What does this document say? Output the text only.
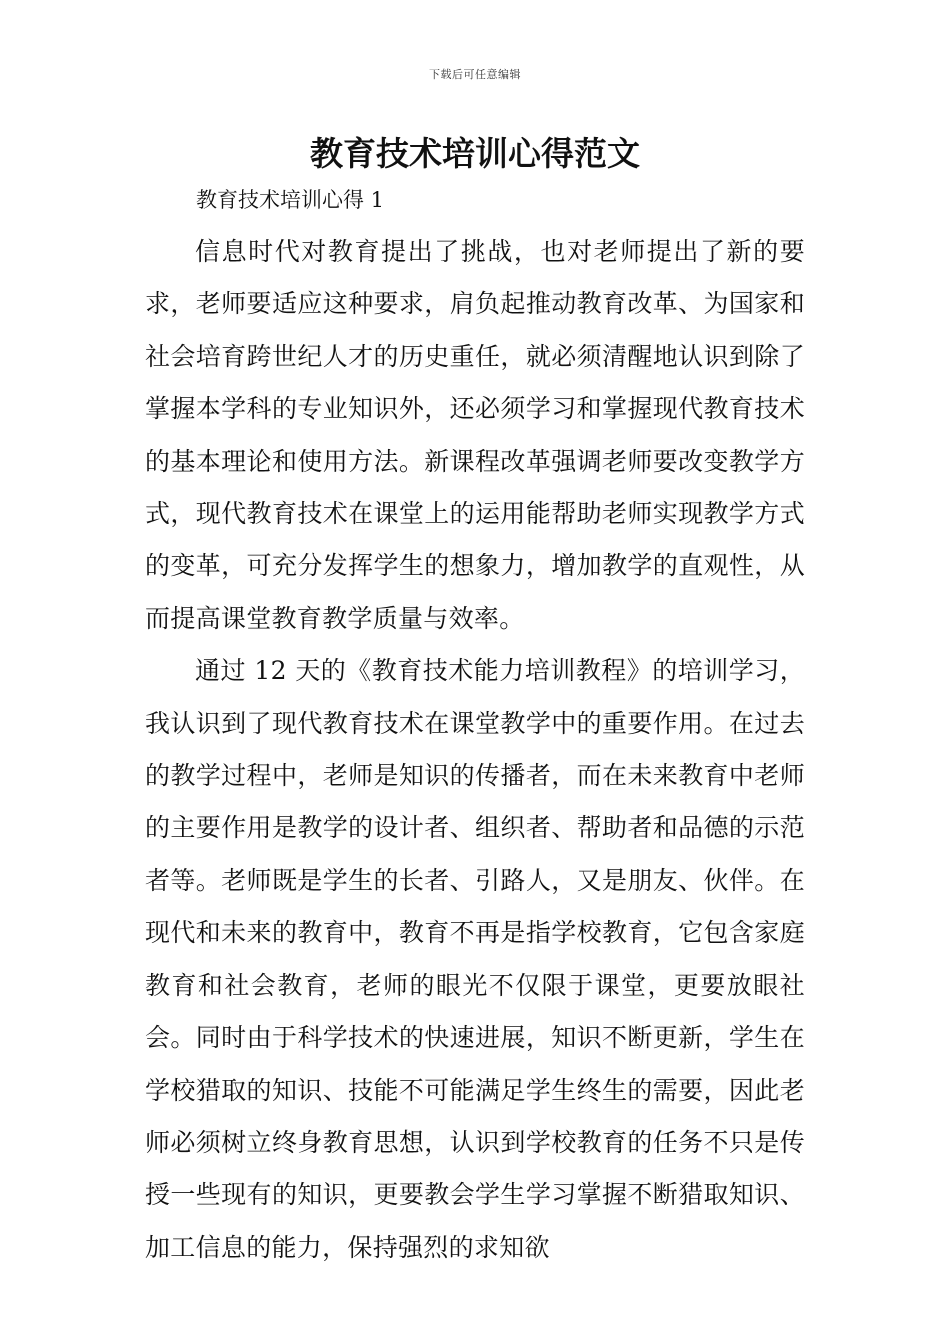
下载后可任意编辑
教育技术培训心得范文
教育技术培训心得 1

信息时代对教育提出了挑战，也对老师提出了新的要求，老师要适应这种要求，肩负起推动教育改革、为国家和社会培育跨世纪人才的历史重任，就必须清醒地认识到除了掌握本学科的专业知识外，还必须学习和掌握现代教育技术的基本理论和使用方法。新课程改革强调老师要改变教学方式，现代教育技术在课堂上的运用能帮助老师实现教学方式的变革，可充分发挥学生的想象力，增加教学的直观性，从而提高课堂教育教学质量与效率。

通过 12 天的《教育技术能力培训教程》的培训学习，我认识到了现代教育技术在课堂教学中的重要作用。在过去的教学过程中，老师是知识的传播者，而在未来教育中老师的主要作用是教学的设计者、组织者、帮助者和品德的示范者等。老师既是学生的长者、引路人，又是朋友、伙伴。在现代和未来的教育中，教育不再是指学校教育，它包含家庭教育和社会教育，老师的眼光不仅限于课堂，更要放眼社会。同时由于科学技术的快速进展，知识不断更新，学生在学校猎取的知识、技能不可能满足学生终生的需要，因此老师必须树立终身教育思想，认识到学校教育的任务不只是传授一些现有的知识，更要教会学生学习掌握不断猎取知识、加工信息的能力，保持强烈的求知欲
